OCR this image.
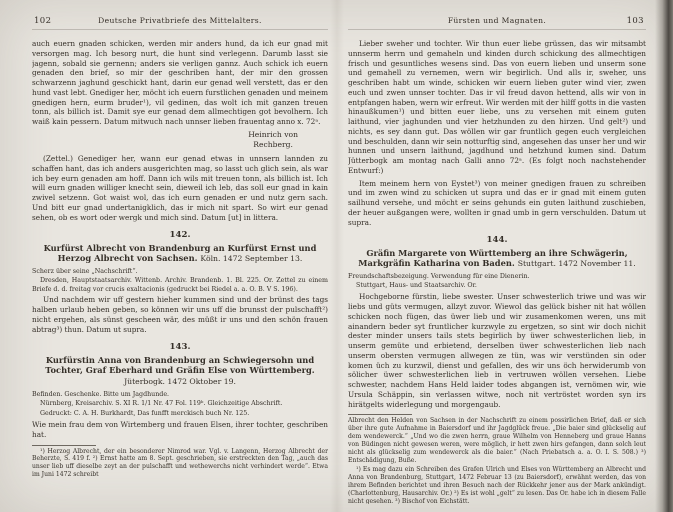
102	Deutsche Privatbriefe des Mittelalters.

auch euern gnaden schicken, werden mir anders hund, da ich eur gnad mit versorgen mag. Ich besorg nurt, die hunt sind verlegenn. Darumb lasst sie jagenn, sobald sie gernenn; anders sie verligen gannz. Auch schick ich euern genaden den brief, so mir der geschriben hant, der mir den grossen schwarzenn jaghund geschickt hant, darin eur genad well verstett, das er den hund vast lebt. Gnediger her, möcht ich euern furstlichen genaden und meinem gnedigen hern, eurm bruder¹), vil gedinen, das wolt ich mit ganzen treuen tonn, als billich ist. Damit sye eur genad dem allmechtigen got bevolhern. Ich waiß kain pessern. Datum mitwuch nach unnser lieben frauentag anno x. 72ᵃ.

Heinrich von
Rechberg.

(Zettel.) Genediger her, wann eur genad etwas in unnsern lannden zu schaffen hant, das ich anders ausgerichten mag, so lasst uch glich sein, als war ich bey eurn genaden am hoff. Dann ich wils mit treuen tonn, als billich ist. Ich will eurn gnaden williger knecht sein, dieweil ich leb, das soll eur gnad in kain zwivel setzenn. Got waist wol, das ich eurn genaden er und nutz gern sach. Und bitt eur gnad undertanigklich, das ir mich nit spart. So wirt eur genad sehen, ob es wort oder wergk und mich sind. Datum [ut] in littera.

142.
Kurfürst Albrecht von Brandenburg an Kurfürst Ernst und Herzog Albrecht von Sachsen. Köln. 1472 September 13.

Scherz über seine „Nachschrift“.

Dresden, Hauptstaatsarchiv. Wittenb. Archiv. Brandenb. 1. Bl. 225. Or. Zettel zu einem Briefe d. d. freitag vor crucis exaltacionis (gedruckt bei Riedel a. a. O. B. V S. 196).

Und nachdem wir uff gestern hieher kummen sind und der brünst des tags halben urlaub heben geben, so können wir uns uff die brunsst der pulschafft²) nicht ergehen, als sünst gescheen wär, des müßt ir uns und den schön frauen abtrag³) thun. Datum ut supra.

143.
Kurfürstin Anna von Brandenburg an Schwiegersohn und Tochter, Graf Eberhard und Gräfin Else von Württemberg. Jüterbogk. 1472 Oktober 19.

Befinden. Geschenke. Bitte um Jagdhunde.

Nürnberg, Kreisarchiv. S. XI R. 1/1 Nr. 47 Fol. 119ᵇ. Gleichzeitige Abschrift.

Gedruckt: C. A. H. Burkhardt, Das funfft merckisch buch Nr. 125.

Wie mein frau dem von Wirtemberg und frauen Elsen, ihrer tochter, geschriben hat.

¹) Herzog Albrecht, der ein besonderer Nimrod war. Vgl. v. Langenn, Herzog Albrecht der Beherzte, S. 419 f. ²) Ernst hatte am 8. Sept. geschrieben, sie erstreckten den Tag, „auch das unser lieb uff dieselbe zeyt an der pulschafft und wethewerchs nicht verhindert werde“. Etwa im Juni 1472 schreibt

103
Fürsten und Magnaten.

Lieber sweher und tochter. Wir thun euer liebe grüssen, das wir mitsambt unnserm herrn und gemaheln und kinden durch schickung des allmechtigen frisch und gesuntliches wesens sind. Das von euern lieben und unserm sone und gemahell zu vernemen, wern wir begirlich. Und alls ir, sweher, uns geschriben habt um winde, schicken wir euern lieben guter wind vier, zwen euch und zwen unnser tochter. Das ir vil freud davon hettend, alls wir von in entpfangen haben, wern wir erfreut. Wir werden mit der hilff gotts in die vasten hinaußkumen¹) und bitten euer liebe, uns zu versehen mit einem guten laithund, vier jaghunden und vier hetzhunden zu den hirzen. Und gelt²) und nichts, es sey dann gut. Das wöllen wir gar fruntlich gegen euch vergleichen und beschulden, dann wir sein notturftig sind, angesehen das unser her und wir hunnen und unsern laithund, jagdhund und hetzhund kumen sind. Datum Jütterbogk am montag nach Galli anno 72ᵃ. (Es folgt noch nachstehender Entwurf:)

Item meinem hern von Eystet³) von meiner gnedigen frauen zu schreiben und im zwen wind zu schicken ut supra und das er ir gnad mit einem guten sailhund versehe, und möcht er seins gehunds ein guten laithund zuschieben, der heuer außgangen were, wollten ir gnad umb in gern verschulden. Datum ut supra.

144.
Gräfin Margarete von Württemberg an ihre Schwägerin, Markgräfin Katharina von Baden. Stuttgart. 1472 November 11.

Freundschaftsbezeigung. Verwendung für eine Dienerin.

Stuttgart, Haus- und Staatsarchiv. Or.

Hochgeborne fürstin, liebe swester. Unser schwesterlich triwe und was wir liebs und güts vermugen, allzyt zuvor. Wiewol das gelück bisher nit hat wöllen schicken noch fügen, das üwer lieb und wir zusamenkomen weren, uns mit ainandern beder syt fruntlicher kurzwyle zu ergetzen, so sint wir doch nichit dester minder unsers tails stets begirlich by üwer schwesterlichen lieb, in unserm gemüte und erbietend, derselben üwer schwesterlichen lieb nach unserm obersten vermugen allwegen ze tün, was wir verstünden sin oder komen üch zu kurzwil, dienst und gefallen, des wir uns öch herwiderumb von sölicher üwer schwesterlichen lieb in vertruwen wöllen versehen. Liebe schwester, nachdem Hans Held laider todes abgangen ist, vernömen wir, wie Ursula Schäppin, sin verlassen witwe, noch nit vertröstet worden syn irs hirätgelts widerlegung und morgengaub.

Albrecht den Helden von Sachsen in der Nachschrift zu einem possirlichen Brief, daß er sich über ihre gute Aufnahme in Baiersdorf und ihr Jagdglück freue. „Die baier sind glückselig auf dem wendewerck.“ „Und wo die zwen herrn, graue Wilhelm von Henneberg und graue Hanns von Büdingen nicht gewesen weren, were möglich, ir hett zwen hirs gefangen, dann solch leut nicht als glückselig zum wendewerck als die baier.“ (Nach Priebatsch a. a. O. I. S. 508.) ³) Entschädigung, Buße.

¹) Es mag dazu ein Schreiben des Grafen Ulrich und Elses von Württemberg an Albrecht und Anna von Brandenburg, Stuttgart, 1472 Februar 13 (zu Baiersdorf), erwähnt werden, das von ihrem Befinden berichtet und ihren Besuch nach der Rückkehr jener aus der Mark ankündigt. (Charlottenburg, Hausarchiv. Or.) ²) Es ist wohl „gelt“ zu lesen. Das Or. habe ich in diesem Falle nicht gesehen. ³) Bischof von Eichstätt.
